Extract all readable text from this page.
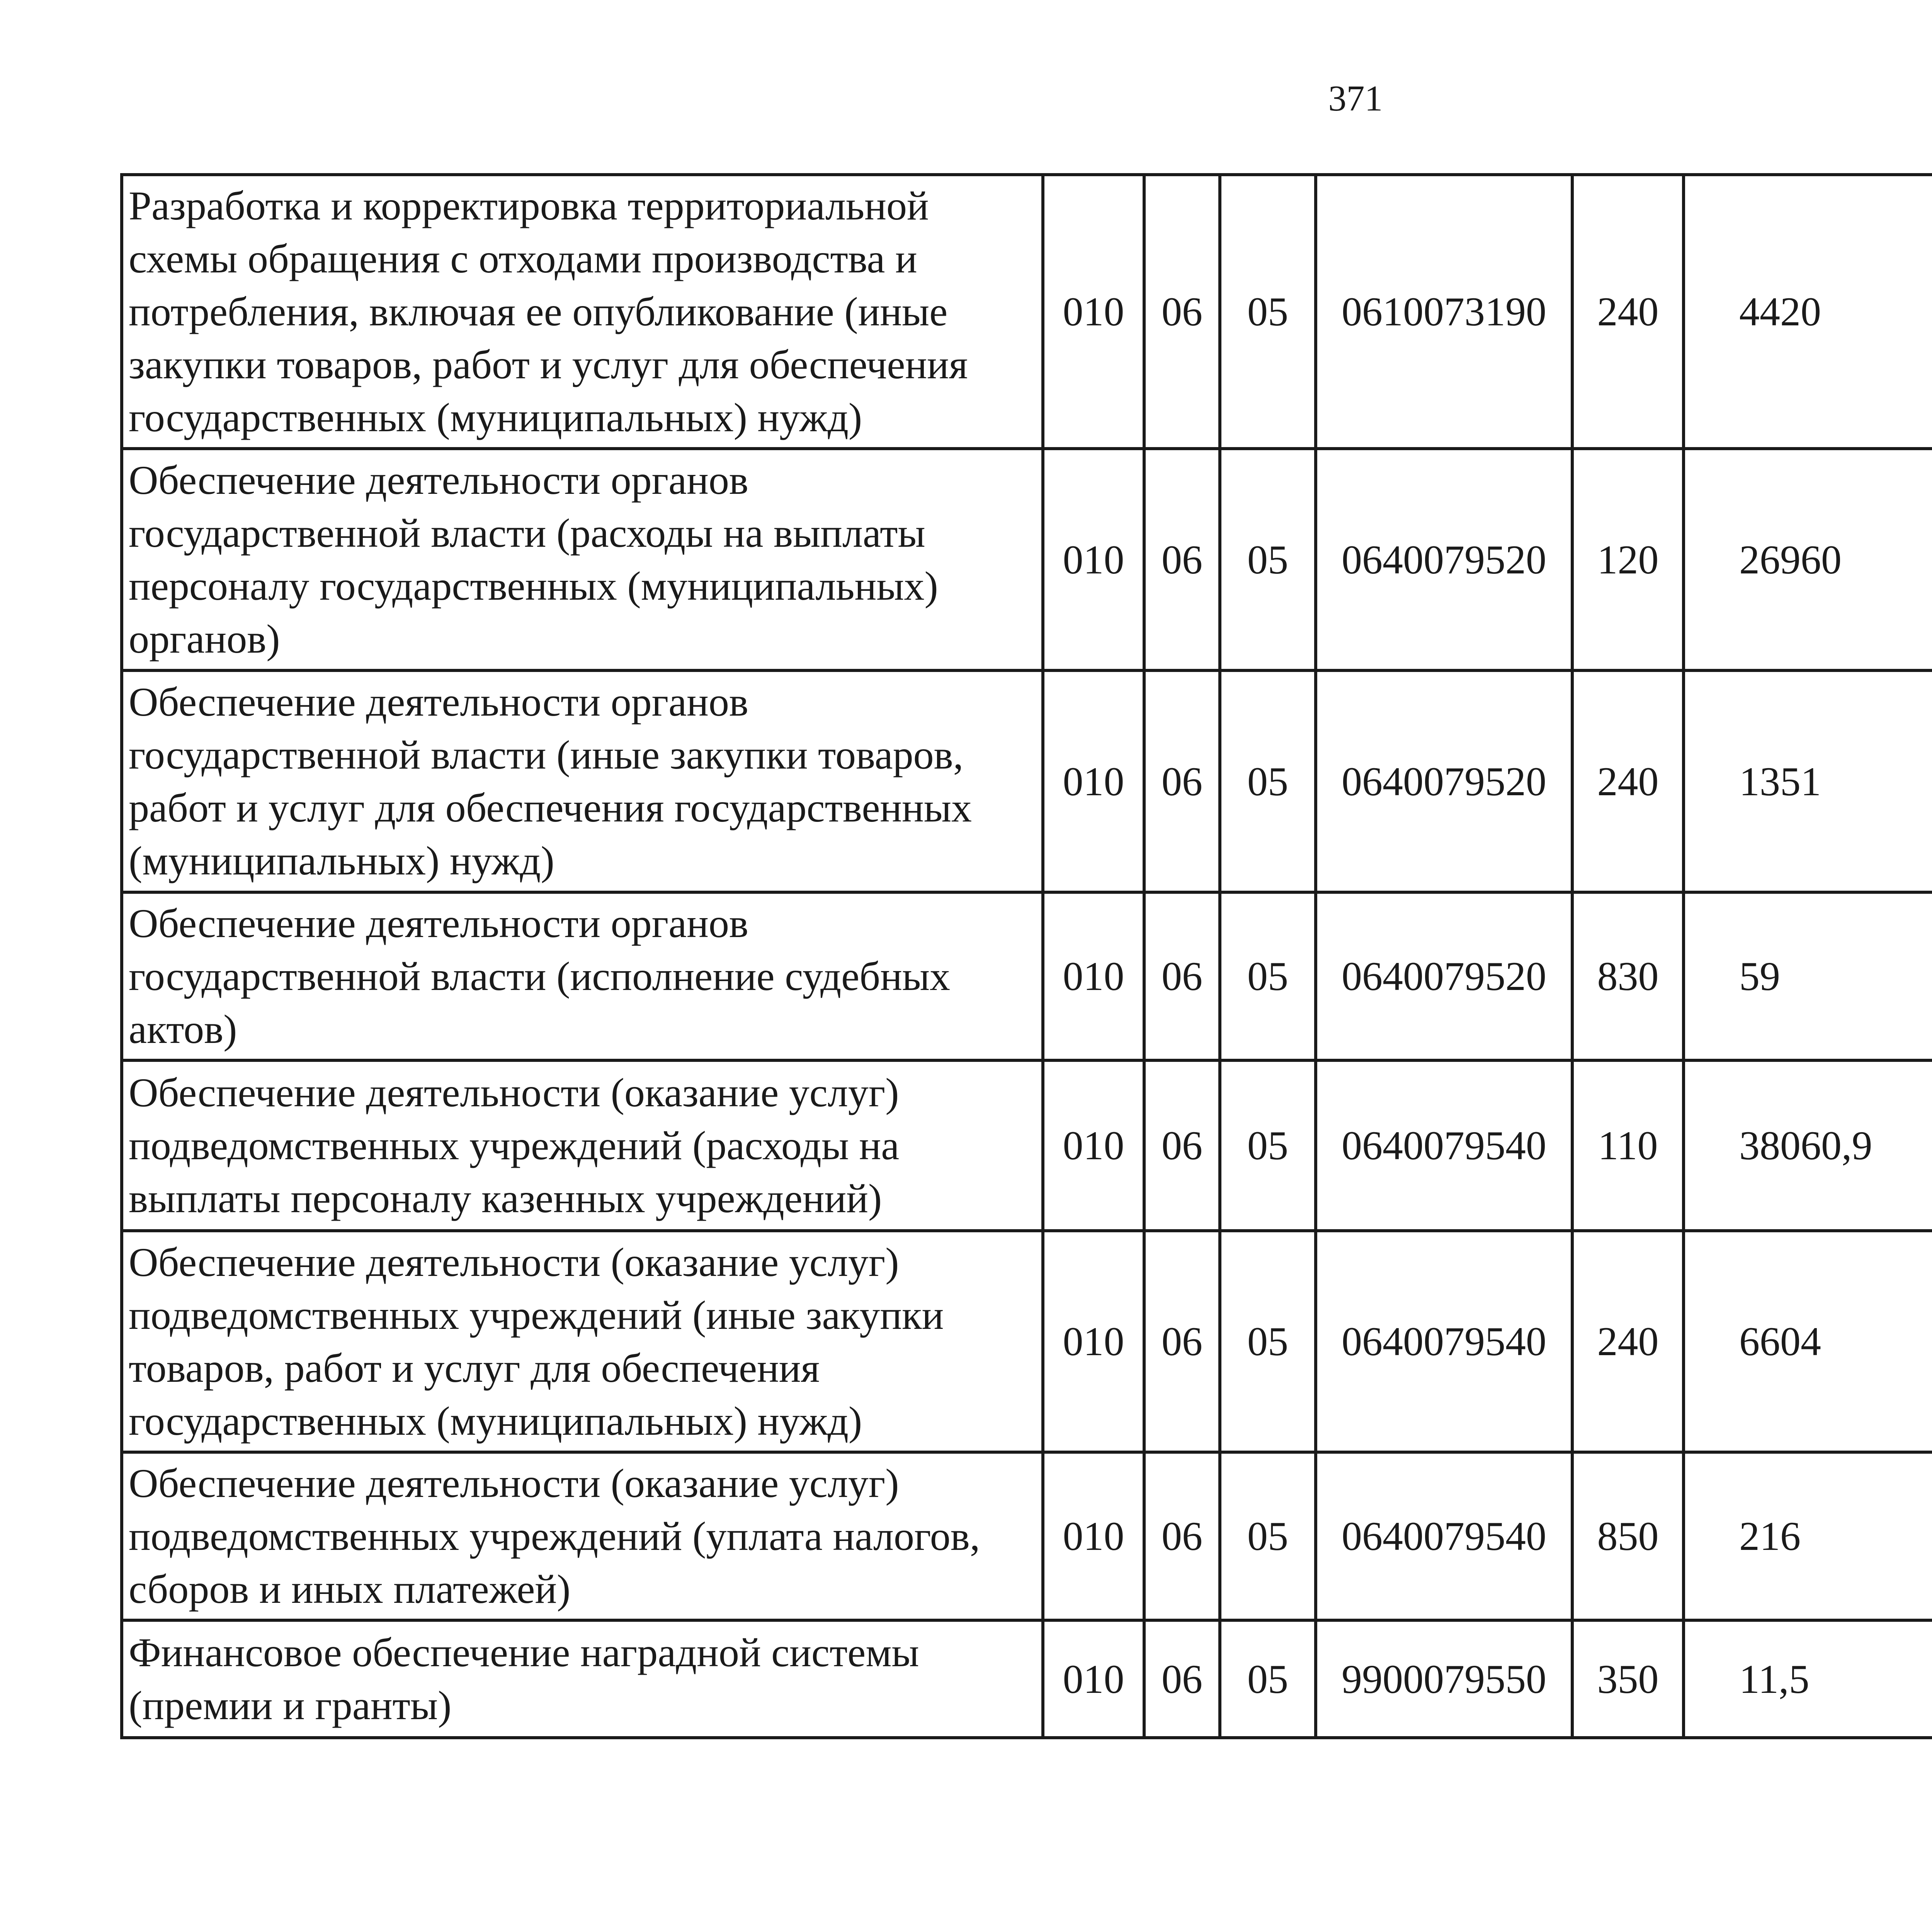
371
Разработка и корректировка территориальной схемы обращения с отходами производства и потребления, включая ее опубликование (иные закупки товаров, работ и услуг для обеспечения государственных (муниципальных) нужд)	010	06	05	0610073190	240	4420		
Обеспечение деятельности органов государственной власти (расходы на выплаты персоналу государственных (муниципальных) органов)	010	06	05	0640079520	120	26960		
Обеспечение деятельности органов государственной власти (иные закупки товаров, работ и услуг для обеспечения государственных (муниципальных) нужд)	010	06	05	0640079520	240	1351		
Обеспечение деятельности органов государственной власти (исполнение судебных актов)	010	06	05	0640079520	830	59		
Обеспечение деятельности (оказание услуг) подведомственных учреждений (расходы на выплаты персоналу казенных учреждений)	010	06	05	0640079540	110	38060,9		
Обеспечение деятельности (оказание услуг) подведомственных учреждений (иные закупки товаров, работ и услуг для обеспечения государственных (муниципальных) нужд)	010	06	05	0640079540	240	6604		
Обеспечение деятельности (оказание услуг) подведомственных учреждений (уплата налогов, сборов и иных платежей)	010	06	05	0640079540	850	216		
Финансовое обеспечение наградной системы (премии и гранты)	010	06	05	9900079550	350	11,5		
